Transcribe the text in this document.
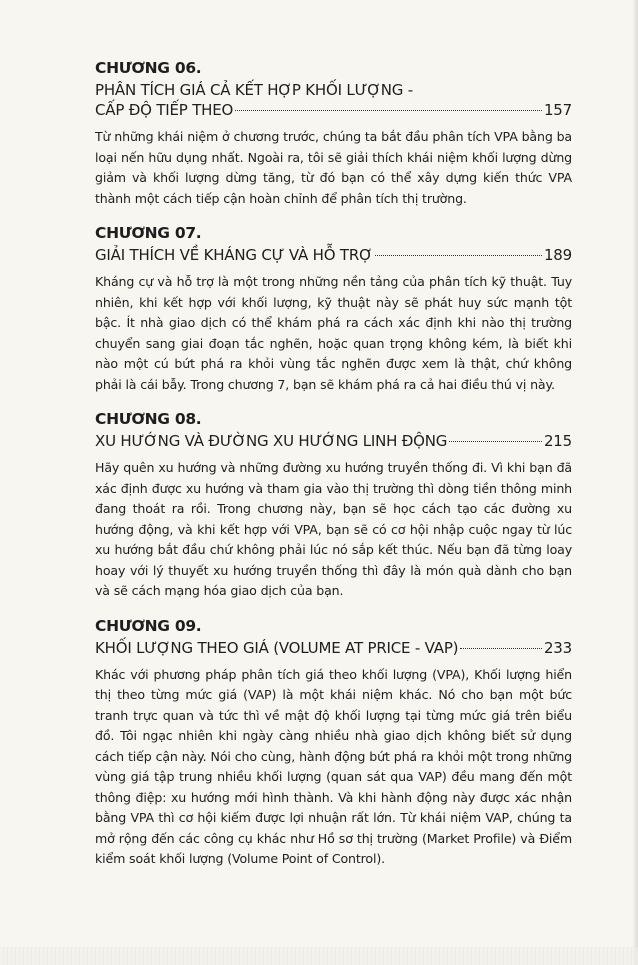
CHƯƠNG 06.
PHÂN TÍCH GIÁ CẢ KẾT HỢP KHỐI LƯỢNG -
CẤP ĐỘ TIẾP THEO	157
Từ những khái niệm ở chương trước, chúng ta bắt đầu phân tích VPA bằng ba loại nến hữu dụng nhất. Ngoài ra, tôi sẽ giải thích khái niệm khối lượng dừng giảm và khối lượng dừng tăng, từ đó bạn có thể xây dựng kiến thức VPA thành một cách tiếp cận hoàn chỉnh để phân tích thị trường.
CHƯƠNG 07.
GIẢI THÍCH VỀ KHÁNG CỰ VÀ HỖ TRỢ	189
Kháng cự và hỗ trợ là một trong những nền tảng của phân tích kỹ thuật. Tuy nhiên, khi kết hợp với khối lượng, kỹ thuật này sẽ phát huy sức mạnh tột bậc. Ít nhà giao dịch có thể khám phá ra cách xác định khi nào thị trường chuyển sang giai đoạn tắc nghẽn, hoặc quan trọng không kém, là biết khi nào một cú bứt phá ra khỏi vùng tắc nghẽn được xem là thật, chứ không phải là cái bẫy. Trong chương 7, bạn sẽ khám phá ra cả hai điều thú vị này.
CHƯƠNG 08.
XU HƯỚNG VÀ ĐƯỜNG XU HƯỚNG LINH ĐỘNG	215
Hãy quên xu hướng và những đường xu hướng truyền thống đi. Vì khi bạn đã xác định được xu hướng và tham gia vào thị trường thì dòng tiền thông minh đang thoát ra rồi. Trong chương này, bạn sẽ học cách tạo các đường xu hướng động, và khi kết hợp với VPA, bạn sẽ có cơ hội nhập cuộc ngay từ lúc xu hướng bắt đầu chứ không phải lúc nó sắp kết thúc. Nếu bạn đã từng loay hoay với lý thuyết xu hướng truyền thống thì đây là món quà dành cho bạn và sẽ cách mạng hóa giao dịch của bạn.
CHƯƠNG 09.
KHỐI LƯỢNG THEO GIÁ (VOLUME AT PRICE - VAP)	233
Khác với phương pháp phân tích giá theo khối lượng (VPA), Khối lượng hiển thị theo từng mức giá (VAP) là một khái niệm khác. Nó cho bạn một bức tranh trực quan và tức thì về mật độ khối lượng tại từng mức giá trên biểu đồ. Tôi ngạc nhiên khi ngày càng nhiều nhà giao dịch không biết sử dụng cách tiếp cận này. Nói cho cùng, hành động bứt phá ra khỏi một trong những vùng giá tập trung nhiều khối lượng (quan sát qua VAP) đều mang đến một thông điệp: xu hướng mới hình thành. Và khi hành động này được xác nhận bằng VPA thì cơ hội kiếm được lợi nhuận rất lớn. Từ khái niệm VAP, chúng ta mở rộng đến các công cụ khác như Hồ sơ thị trường (Market Profile) và Điểm kiểm soát khối lượng (Volume Point of Control).
